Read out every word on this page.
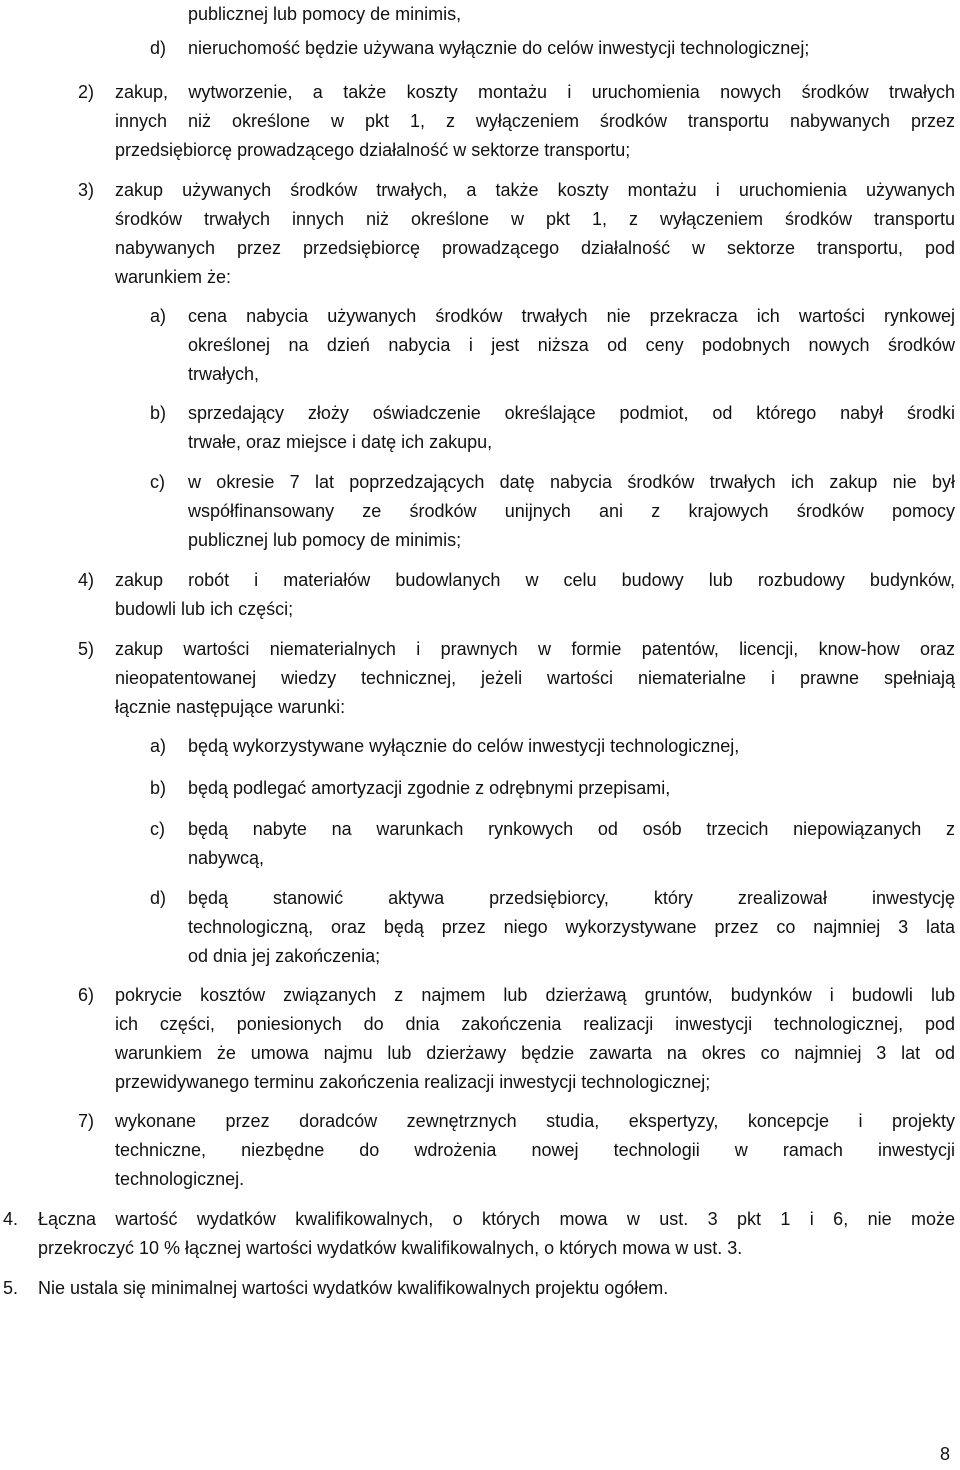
publicznej lub pomocy de minimis,
d) nieruchomość będzie używana wyłącznie do celów inwestycji technologicznej;
2) zakup, wytworzenie, a także koszty montażu i uruchomienia nowych środków trwałych
innych niż określone w pkt 1, z wyłączeniem środków transportu nabywanych przez
przedsiębiorcę prowadzącego działalność w sektorze transportu;
3) zakup używanych środków trwałych, a także koszty montażu i uruchomienia używanych
środków trwałych innych niż określone w pkt 1, z wyłączeniem środków transportu
nabywanych przez przedsiębiorcę prowadzącego działalność w sektorze transportu, pod
warunkiem że:
a) cena nabycia używanych środków trwałych nie przekracza ich wartości rynkowej
określonej na dzień nabycia i jest niższa od ceny podobnych nowych środków
trwałych,
b) sprzedający złoży oświadczenie określające podmiot, od którego nabył środki
trwałe, oraz miejsce i datę ich zakupu,
c) w okresie 7 lat poprzedzających datę nabycia środków trwałych ich zakup nie był
współfinansowany ze środków unijnych ani z krajowych środków pomocy
publicznej lub pomocy de minimis;
4) zakup robót i materiałów budowlanych w celu budowy lub rozbudowy budynków,
budowli lub ich części;
5) zakup wartości niematerialnych i prawnych w formie patentów, licencji, know-how oraz
nieopatentowanej wiedzy technicznej, jeżeli wartości niematerialne i prawne spełniają
łącznie następujące warunki:
a) będą wykorzystywane wyłącznie do celów inwestycji technologicznej,
b) będą podlegać amortyzacji zgodnie z odrębnymi przepisami,
c) będą nabyte na warunkach rynkowych od osób trzecich niepowiązanych z
nabywcą,
d) będą stanowić aktywa przedsiębiorcy, który zrealizował inwestycję
technologiczną, oraz będą przez niego wykorzystywane przez co najmniej 3 lata
od dnia jej zakończenia;
6) pokrycie kosztów związanych z najmem lub dzierżawą gruntów, budynków i budowli lub
ich części, poniesionych do dnia zakończenia realizacji inwestycji technologicznej, pod
warunkiem że umowa najmu lub dzierżawy będzie zawarta na okres co najmniej 3 lat od
przewidywanego terminu zakończenia realizacji inwestycji technologicznej;
7) wykonane przez doradców zewnętrznych studia, ekspertyzy, koncepcje i projekty
techniczne, niezbędne do wdrożenia nowej technologii w ramach inwestycji
technologicznej.
4. Łączna wartość wydatków kwalifikowalnych, o których mowa w ust. 3 pkt 1 i 6, nie może
przekroczyć 10 % łącznej wartości wydatków kwalifikowalnych, o których mowa w ust. 3.
5. Nie ustala się minimalnej wartości wydatków kwalifikowalnych projektu ogółem.
8
